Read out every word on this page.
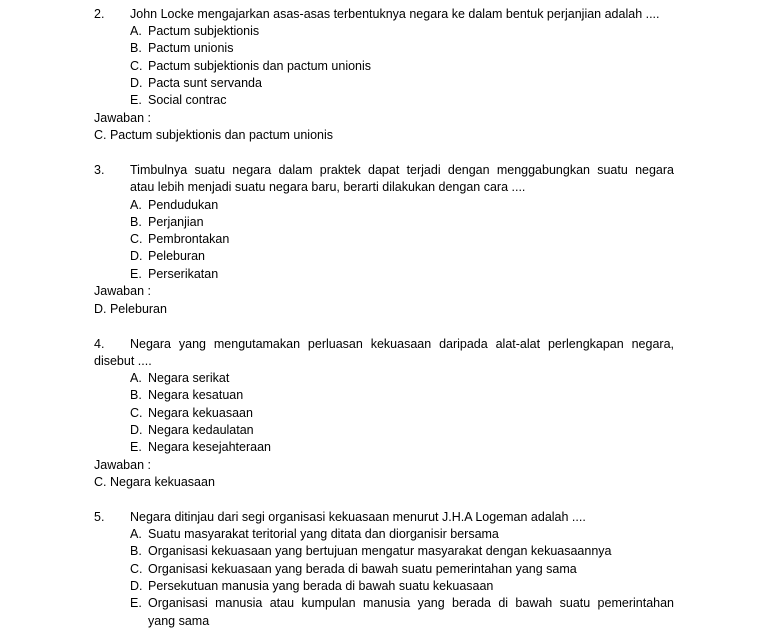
2. John Locke mengajarkan asas-asas terbentuknya negara ke dalam bentuk perjanjian adalah ....
A. Pactum subjektionis
B. Pactum unionis
C. Pactum subjektionis dan pactum unionis
D. Pacta sunt servanda
E. Social contrac
Jawaban :
C. Pactum subjektionis dan pactum unionis
3. Timbulnya suatu negara dalam praktek dapat terjadi dengan menggabungkan suatu negara
atau lebih menjadi suatu negara baru, berarti dilakukan dengan cara ....
A. Pendudukan
B. Perjanjian
C. Pembrontakan
D. Peleburan
E. Perserikatan
Jawaban :
D. Peleburan
4. Negara yang mengutamakan perluasan kekuasaan daripada alat-alat perlengkapan negara,
disebut ....
A. Negara serikat
B. Negara kesatuan
C. Negara kekuasaan
D. Negara kedaulatan
E. Negara kesejahteraan
Jawaban :
C. Negara kekuasaan
5. Negara ditinjau dari segi organisasi kekuasaan menurut J.H.A Logeman adalah ....
A. Suatu masyarakat teritorial yang ditata dan diorganisir bersama
B. Organisasi kekuasaan yang bertujuan mengatur masyarakat dengan kekuasaannya
C. Organisasi kekuasaan yang berada di bawah suatu pemerintahan yang sama
D. Persekutuan manusia yang berada di bawah suatu kekuasaan
E. Organisasi manusia atau kumpulan manusia yang berada di bawah suatu pemerintahan
yang sama
